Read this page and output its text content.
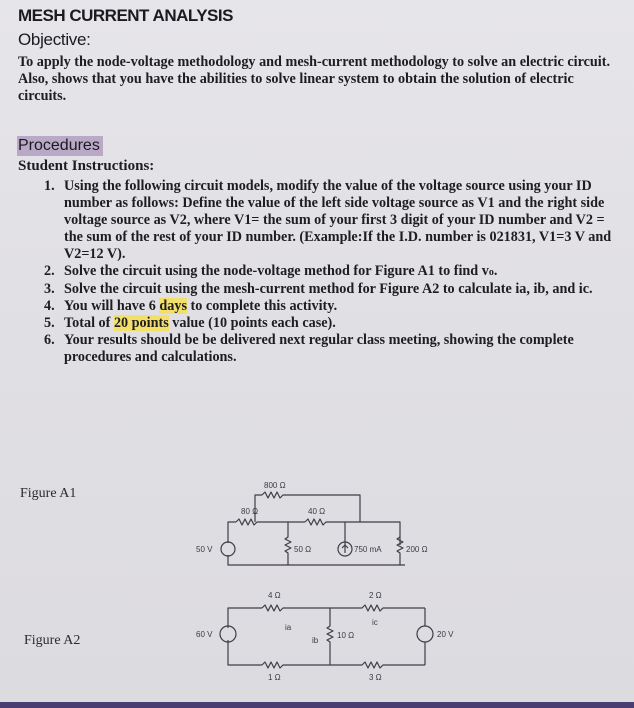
MESH CURRENT ANALYSIS
Objective:
To apply the node-voltage methodology and mesh-current methodology to solve an electric circuit. Also, shows that you have the abilities to solve linear system to obtain the solution of electric circuits.
Procedures
Student Instructions:
1. Using the following circuit models, modify the value of the voltage source using your ID number as follows: Define the value of the left side voltage source as V1 and the right side voltage source as V2, where V1= the sum of your first 3 digit of your ID number and V2 = the sum of the rest of your ID number. (Example:If the I.D. number is 021831, V1=3 V and V2=12 V).
2. Solve the circuit using the node-voltage method for Figure A1 to find vo.
3. Solve the circuit using the mesh-current method for Figure A2 to calculate ia, ib, and ic.
4. You will have 6 days to complete this activity.
5. Total of 20 points value (10 points each case).
6. Your results should be be delivered next regular class meeting, showing the complete procedures and calculations.
Figure A1
Figure A2
800 Ω
80 Ω	40 Ω
50 Ω
50 V	750 mA	200 Ω
4 Ω	2 Ω
10 Ω
1 Ω	3 Ω
60 V	20 V
ia
ib
ic
